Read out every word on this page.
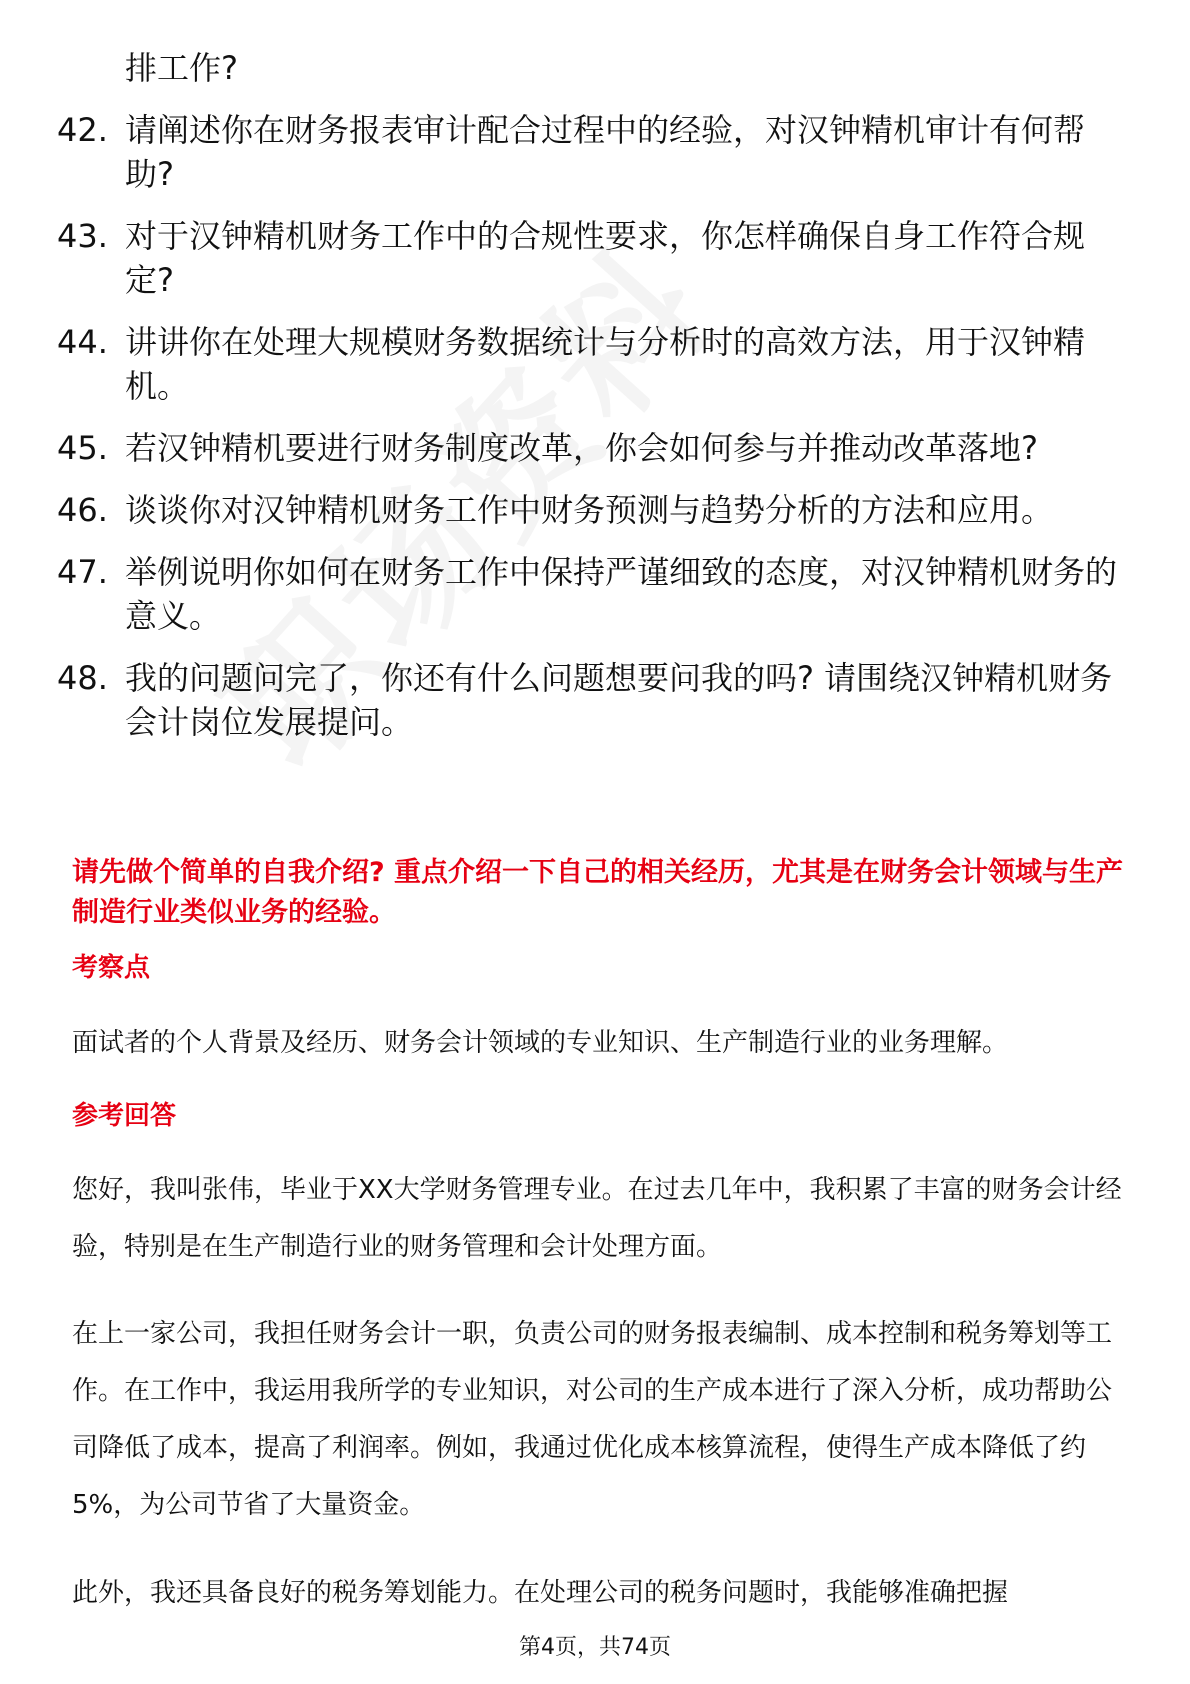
排工作?
42. 请阐述你在财务报表审计配合过程中的经验，对汉钟精机审计有何帮助?
43. 对于汉钟精机财务工作中的合规性要求，你怎样确保自身工作符合规定?
44. 讲讲你在处理大规模财务数据统计与分析时的高效方法，用于汉钟精机。
45. 若汉钟精机要进行财务制度改革，你会如何参与并推动改革落地?
46. 谈谈你对汉钟精机财务工作中财务预测与趋势分析的方法和应用。
47. 举例说明你如何在财务工作中保持严谨细致的态度，对汉钟精机财务的意义。
48. 我的问题问完了，你还有什么问题想要问我的吗? 请围绕汉钟精机财务会计岗位发展提问。
请先做个简单的自我介绍? 重点介绍一下自己的相关经历，尤其是在财务会计领域与生产制造行业类似业务的经验。
考察点
面试者的个人背景及经历、财务会计领域的专业知识、生产制造行业的业务理解。
参考回答
您好，我叫张伟，毕业于XX大学财务管理专业。在过去几年中，我积累了丰富的财务会计经验，特别是在生产制造行业的财务管理和会计处理方面。
在上一家公司，我担任财务会计一职，负责公司的财务报表编制、成本控制和税务筹划等工作。在工作中，我运用我所学的专业知识，对公司的生产成本进行了深入分析，成功帮助公司降低了成本，提高了利润率。例如，我通过优化成本核算流程，使得生产成本降低了约5%，为公司节省了大量资金。
此外，我还具备良好的税务筹划能力。在处理公司的税务问题时，我能够准确把握
第4页，共74页
